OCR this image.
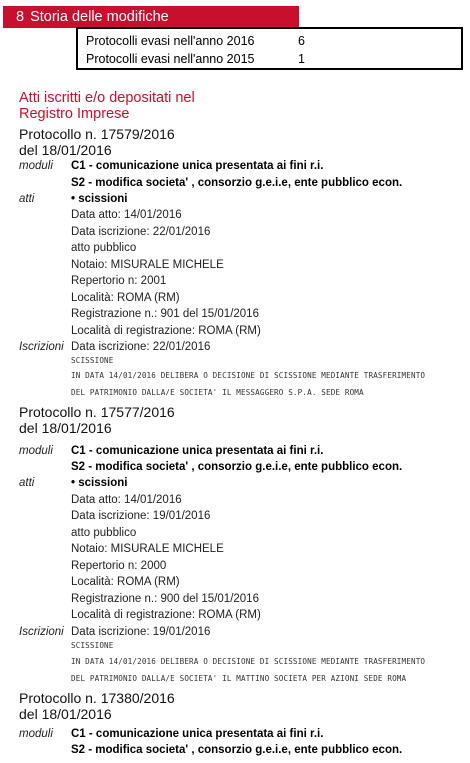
8 Storia delle modifiche
Protocolli evasi nell'anno 2016	6
Protocolli evasi nell'anno 2015	1
Atti iscritti e/o depositati nel
Registro Imprese
Protocollo n. 17579/2016
del 18/01/2016
moduli C1 - comunicazione unica presentata ai fini r.i.
S2 - modifica societa' , consorzio g.e.i.e, ente pubblico econ.
atti	• scissioni
Data atto: 14/01/2016
Data iscrizione: 22/01/2016
atto pubblico
Notaio: MISURALE MICHELE
Repertorio n: 2001
Località: ROMA (RM)
Registrazione n.: 901 del 15/01/2016
Località di registrazione: ROMA (RM)
Iscrizioni Data iscrizione: 22/01/2016
SCISSIONE
IN DATA 14/01/2016 DELIBERA O DECISIONE DI SCISSIONE MEDIANTE TRASFERIMENTO
DEL PATRIMONIO DALLA/E SOCIETA' IL MESSAGGERO S.P.A. SEDE ROMA
Protocollo n. 17577/2016
del 18/01/2016
moduli C1 - comunicazione unica presentata ai fini r.i.
S2 - modifica societa' , consorzio g.e.i.e, ente pubblico econ.
atti	• scissioni
Data atto: 14/01/2016
Data iscrizione: 19/01/2016
atto pubblico
Notaio: MISURALE MICHELE
Repertorio n: 2000
Località: ROMA (RM)
Registrazione n.: 900 del 15/01/2016
Località di registrazione: ROMA (RM)
Iscrizioni Data iscrizione: 19/01/2016
SCISSIONE
IN DATA 14/01/2016 DELIBERA O DECISIONE DI SCISSIONE MEDIANTE TRASFERIMENTO
DEL PATRIMONIO DALLA/E SOCIETA' IL MATTINO SOCIETA PER AZIONI SEDE ROMA
Protocollo n. 17380/2016
del 18/01/2016
moduli C1 - comunicazione unica presentata ai fini r.i.
S2 - modifica societa' , consorzio g.e.i.e, ente pubblico econ.
